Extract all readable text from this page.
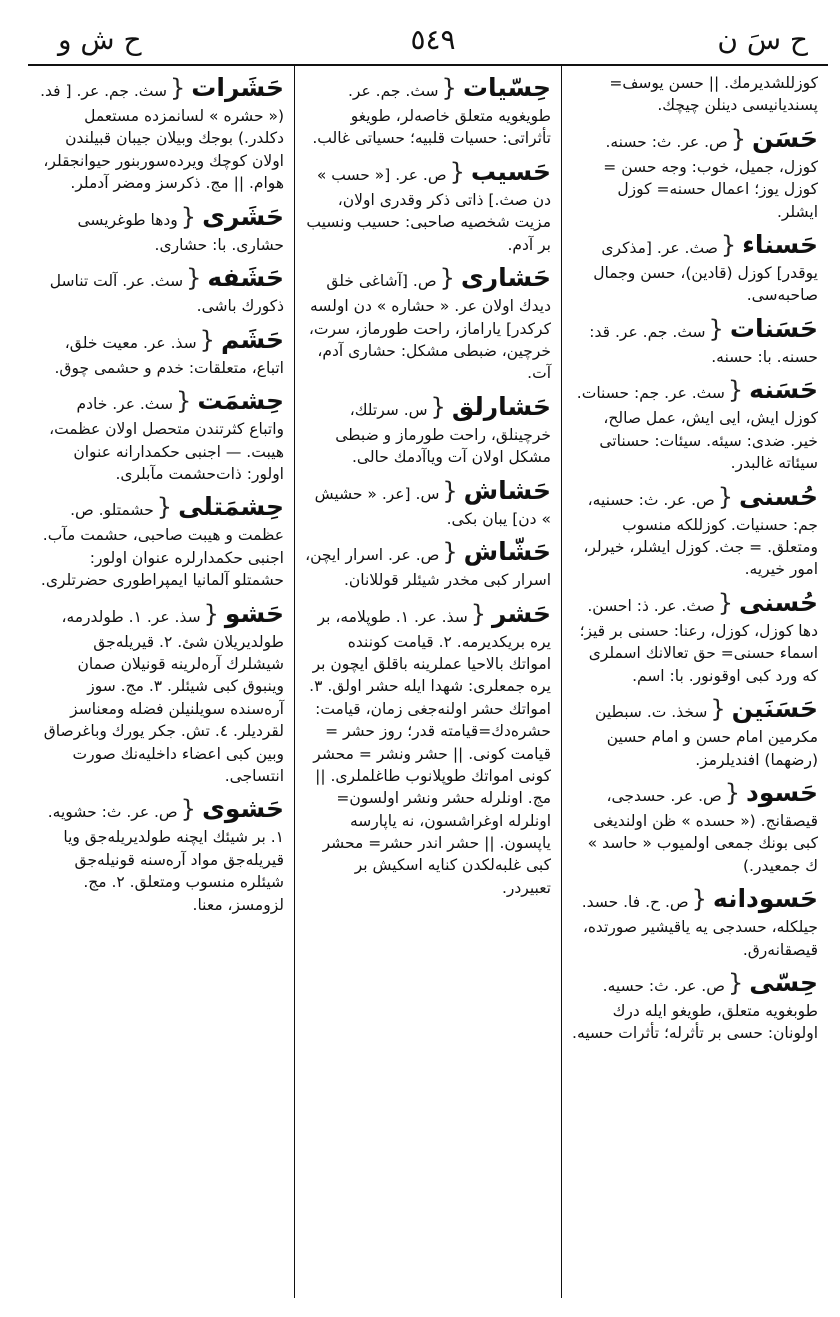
ح سَ ن
٥٤٩
ح ش و
كوزللشديرمك. || حسن يوسف= پسنديانيسى دينلن چيچك.
حَسَن{ص. عر. ث: حسنه. كوزل، جميل، خوب: وجه حسن = كوزل يوز؛ اعمال حسنه= كوزل ايشلر.
حَسناء{صث. عر. [مذكرى يوقدر] كوزل (قادين)، حسن وجمال صاحبه‌سى.
حَسَنات{سث. جم. عر. قد: حسنه. با: حسنه.
حَسَنه{سث. عر. جم: حسنات. كوزل ايش، ايى ايش، عمل صالح، خير. ضدى: سيئه. سيئات: حسناتى سيئاته غالبدر.
حُسنى{ص. عر. ث: حسنيه، جم: حسنيات. كوزللكه منسوب ومتعلق. = جث. كوزل ايشلر، خيرلر، امور خيريه.
حُسنى{صث. عر. ذ: احسن. دها كوزل، كوزل، رعنا: حسنى بر قيز؛ اسماء حسنى= حق تعالانك اسملرى كه ورد كبى اوقونور. با: اسم.
حَسَنَين{سخذ. ت. سبطين مكرمين امام حسن و امام حسين (رضهما) افنديلرمز.
حَسود{ص. عر. حسدجى، قيصقانج. (« حسده » ظن اولنديغى كبى بونك جمعى اولميوب « حاسد » ك جمعيدر.)
حَسودانه{ص. ح. فا. حسد. جيلكله، حسدجى يه ياقيشير صورتده، قيصقانه‌رق.
حِسّى{ص. عر. ث: حسيه. طوبغويه متعلق، طويغو ايله درك اولونان: حسى بر تأثرله؛ تأثرات حسيه.
حِسّيات{سث. جم. عر. طويغويه متعلق خاصه‌لر، طويغو تأثراتى: حسيات قلبيه؛ حسياتى غالب.
حَسيب{ص. عر. [« حسب » دن صث.] ذاتى ذكر وقدرى اولان، مزيت شخصيه صاحبى: حسيب ونسيب بر آدم.
حَشارى{ص. [آشاغى خلق ديدك اولان عر. « حشاره » دن اولسه كركدر] ياراماز، راحت طورماز، سرت، خرچين، ضبطى مشكل: حشارى آدم، آت.
حَشارلق{س. سرتلك، خرچينلق، راحت طورماز و ضبطى مشكل اولان آت وياآدمك حالى.
حَشاش{س. [عر. « حشيش » دن] يبان بكى.
حَشّاش{ص. عر. اسرار ايچن، اسرار كبى مخدر شيئلر قوللانان.
حَشر{سذ. عر. ١. طوپلامه، بر يره بريكديرمه. ٢. قيامت كوننده امواتك بالاحيا عملرينه باقلق ايچون بر يره جمعلرى: شهدا ايله حشر اولق. ٣. امواتك حشر اولنه‌جغى زمان، قيامت: حشره‌دك=قيامته قدر؛ روز حشر = قيامت كونى. || حشر ونشر = محشر كونى امواتك طوپلانوب طاغلملرى. || مج. اونلرله حشر ونشر اولسون= اونلرله اوغراشسون، نه ياپارسه ياپسون. || حشر اندر حشر= محشر كبى غلبه‌لكدن كنايه اسكيش بر تعبيردر.
حَشَرات{سث. جم. عر. [ فد. (« حشره » لسانمزده مستعمل دكلدر.) بوجك وبيلان جيبان قبيلندن اولان كوچك ويرده‌سوربنور حيوانجقلر، هوام. || مج. ذكرسز ومضر آدملر.
حَشَرى{ودها طوغريسى حشارى. با: حشارى.
حَشَفه{سث. عر. آلت تناسل ذكورك باشى.
حَشَم{سذ. عر. معيت خلق، اتباع، متعلقات: خدم و حشمى چوق.
حِشمَت{سث. عر. خادم واتباع كثرتندن متحصل اولان عظمت، هيبت. — اجنبى حكمدارانه عنوان اولور: ذات‌حشمت مآبلرى.
حِشمَتلى{حشمتلو. ص. عظمت و هيبت صاحبى، حشمت مآب. اجنبى حكمدارلره عنوان اولور: حشمتلو آلمانيا ايمپراطورى حضرتلرى.
حَشو{سذ. عر. ١. طولدرمه، طولديريلان شئ. ٢. قيريله‌جق شيشلرك آره‌لرينه قونيلان صمان وينبوق كبى شيئلر. ٣. مج. سوز آره‌سنده سويلنيلن فضله ومعناسز لقرديلر. ٤. تش. جكر يورك وباغرصاق وبين كبى اعضاء داخليه‌نك صورت انتساجى.
حَشوى{ص. عر. ث: حشويه. ١. بر شيئك ايچنه طولديريله‌جق ويا قيريله‌جق مواد آره‌سنه قونيله‌جق شيئلره منسوب ومتعلق. ٢. مج. لزومسز، معنا.
